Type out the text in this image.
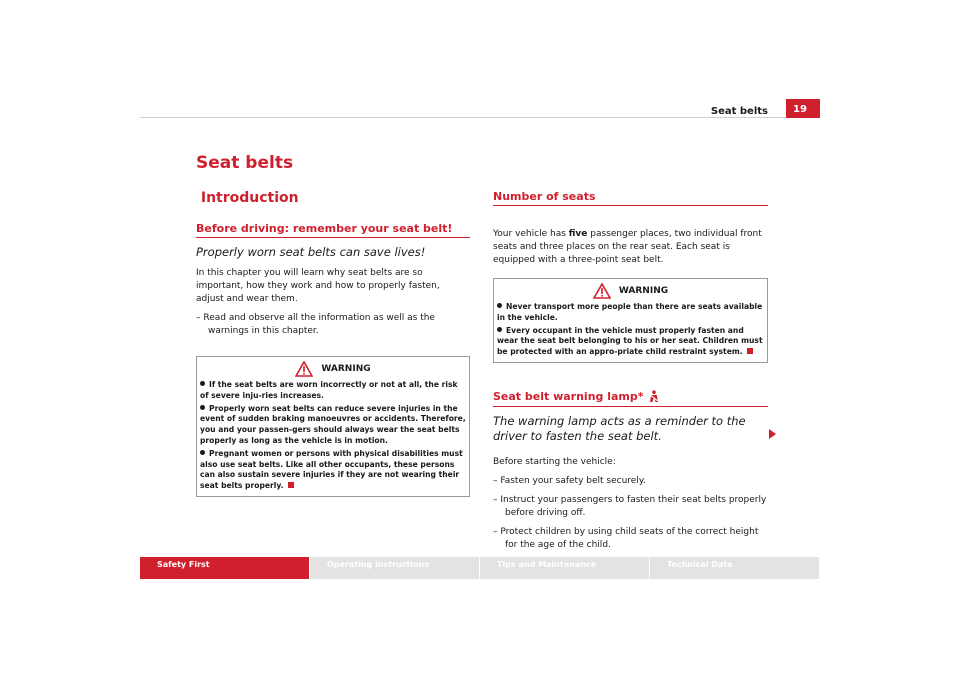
Seat belts	19
Seat belts
Introduction
Before driving: remember your seat belt!
Properly worn seat belts can save lives!
In this chapter you will learn why seat belts are so important, how they work and how to properly fasten, adjust and wear them.
– Read and observe all the information as well as the warnings in this chapter.
WARNING
If the seat belts are worn incorrectly or not at all, the risk of severe inju-ries increases.
Properly worn seat belts can reduce severe injuries in the event of sudden braking manoeuvres or accidents. Therefore, you and your passen-gers should always wear the seat belts properly as long as the vehicle is in motion.
Pregnant women or persons with physical disabilities must also use seat belts. Like all other occupants, these persons can also sustain severe injuries if they are not wearing their seat belts properly.
Number of seats
Your vehicle has five passenger places, two individual front seats and three places on the rear seat. Each seat is equipped with a three-point seat belt.
WARNING
Never transport more people than there are seats available in the vehicle.
Every occupant in the vehicle must properly fasten and wear the seat belt belonging to his or her seat. Children must be protected with an appro-priate child restraint system.
Seat belt warning lamp*
The warning lamp acts as a reminder to the driver to fasten the seat belt.
Before starting the vehicle:
– Fasten your safety belt securely.
– Instruct your passengers to fasten their seat belts properly before driving off.
– Protect children by using child seats of the correct height for the age of the child.
Safety First	Operating instructions	Tips and Maintenance	Technical Data
